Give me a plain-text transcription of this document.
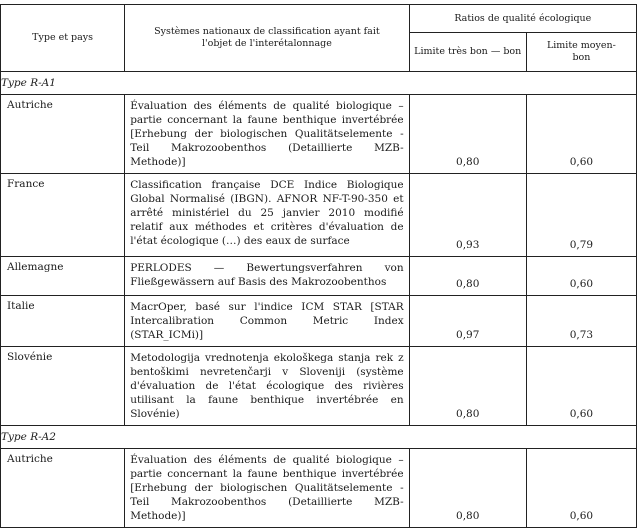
Type et pays	Systèmes nationaux de classification ayant fait l'objet de l'interétalonnage	Ratios de qualité écologique	
		Limite très bon — bon	Limite moyen-bon
Type R-A1			
Autriche	Évaluation des éléments de qualité biologique – partie concernant la faune benthique invertébrée [Erhebung der biologischen Qualitätselemente - Teil Makrozoobenthos (Detaillierte MZB-Methode)]	0,80	0,60
France	Classification française DCE Indice Biologique Global Normalisé (IBGN). AFNOR NF-T-90-350 et arrêté ministériel du 25 janvier 2010 modifié relatif aux méthodes et critères d'évaluation de l'état écologique (…) des eaux de surface	0,93	0,79
Allemagne	PERLODES — Bewertungsverfahren von Fließgewässern auf Basis des Makrozoobenthos	0,80	0,60
Italie	MacrOper, basé sur l'indice ICM STAR [STAR Intercalibration Common Metric Index (STAR_ICMi)]	0,97	0,73
Slovénie	Metodologija vrednotenja ekološkega stanja rek z bentoškimi nevretenčarji v Sloveniji (système d'évaluation de l'état écologique des rivières utilisant la faune benthique invertébrée en Slovénie)	0,80	0,60
Type R-A2			
Autriche	Évaluation des éléments de qualité biologique – partie concernant la faune benthique invertébrée [Erhebung der biologischen Qualitätselemente - Teil Makrozoobenthos (Detaillierte MZB-Methode)]	0,80	0,60
